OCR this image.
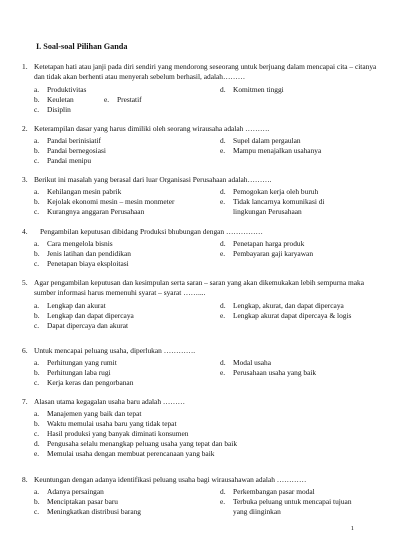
I. Soal-soal Pilihan Ganda
1. Ketetapan hati atau janji pada diri sendiri yang mendorong seseorang untuk berjuang dalam mencapai cita – citanya dan tidak akan berhenti atau menyerah sebelum berhasil, adalah………
a. Produktivitas
b. Keuletan
c. Disiplin
d. Komitmen tinggi
e. Prestatif
2. Keterampilan dasar yang harus dimiliki oleh seorang wirausaha adalah ……….
a. Pandai berinisiatif
b. Pandai bernegosiasi
c. Pandai menipu
d. Supel dalam pergaulan
e. Mampu menajalkan usahanya
3. Berikut ini masalah yang berasal dari luar Organisasi Perusahaan adalah……….
a. Kehilangan mesin pabrik
b. Kejolak ekonomi mesin – mesin monmeter
c. Kurangnya anggaran Perusahaan
d. Pemogokan kerja oleh buruh
e. Tidak lancarnya komunikasi di
lingkungan Perusahaan
4. Pengambilan keputusan dibidang Produksi bhubungan dengan ……………
a. Cara mengelola bisnis
b. Jenis latihan dan pendidikan
c. Penetapan biaya eksploitasi
d. Penetapan harga produk
e. Pembayaran gaji karyawan
5. Agar pengambilan keputusan dan kesimpulan serta saran – saran yang akan dikemukakan lebih sempurna maka sumber informasi harus memenuhi syarat – syarat ……....
a. Lengkap dan akurat
b. Lengkap dan dapat dipercaya
c. Dapat dipercaya dan akurat
d. Lengkap, akurat, dan dapat dipercaya
e. Lengkap akurat dapat dipercaya & logis
6. Untuk mencapai peluang usaha, diperlukan ………….
a. Perhitungan yang rumit
b. Perhitungan laba rugi
c. Kerja keras dan pengorbanan
d. Modal usaha
e. Perusahaan usaha yang baik
7. Alasan utama kegagalan usaha baru adalah ………
a. Manajemen yang baik dan tepat
b. Waktu memulai usaha baru yang tidak tepat
c. Hasil produksi yang banyak diminati konsumen
d. Pengusaha selalu menangkap peluang usaha yang tepat dan baik
e. Memulai usaha dengan membuat perencanaan yang baik
8. Keuntungan dengan adanya identifikasi peluang usaha bagi wirausahawan adalah …………
a. Adanya persaingan
b. Menciptakan pasar baru
c. Meningkatkan distribusi barang
d. Perkembangan pasar modal
e. Terbuka peluang untuk mencapai tujuan
yang diinginkan
1
